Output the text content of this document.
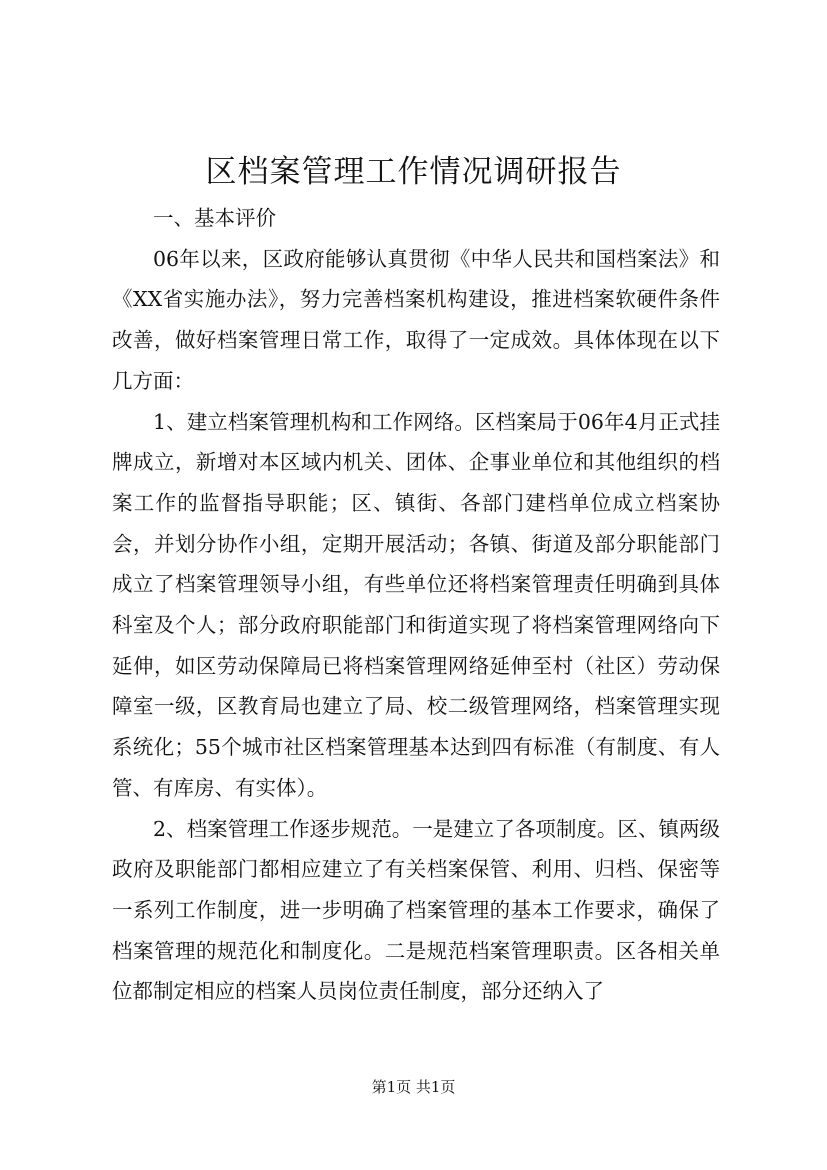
区档案管理工作情况调研报告

一、基本评价

06年以来，区政府能够认真贯彻《中华人民共和国档案法》和《XX省实施办法》，努力完善档案机构建设，推进档案软硬件条件改善，做好档案管理日常工作，取得了一定成效。具体体现在以下几方面：

1、建立档案管理机构和工作网络。区档案局于06年4月正式挂牌成立，新增对本区域内机关、团体、企事业单位和其他组织的档案工作的监督指导职能；区、镇街、各部门建档单位成立档案协会，并划分协作小组，定期开展活动；各镇、街道及部分职能部门成立了档案管理领导小组，有些单位还将档案管理责任明确到具体科室及个人；部分政府职能部门和街道实现了将档案管理网络向下延伸，如区劳动保障局已将档案管理网络延伸至村（社区）劳动保障室一级，区教育局也建立了局、校二级管理网络，档案管理实现系统化；55个城市社区档案管理基本达到四有标准（有制度、有人管、有库房、有实体）。

2、档案管理工作逐步规范。一是建立了各项制度。区、镇两级政府及职能部门都相应建立了有关档案保管、利用、归档、保密等一系列工作制度，进一步明确了档案管理的基本工作要求，确保了档案管理的规范化和制度化。二是规范档案管理职责。区各相关单位都制定相应的档案人员岗位责任制度，部分还纳入了

第1页 共1页
